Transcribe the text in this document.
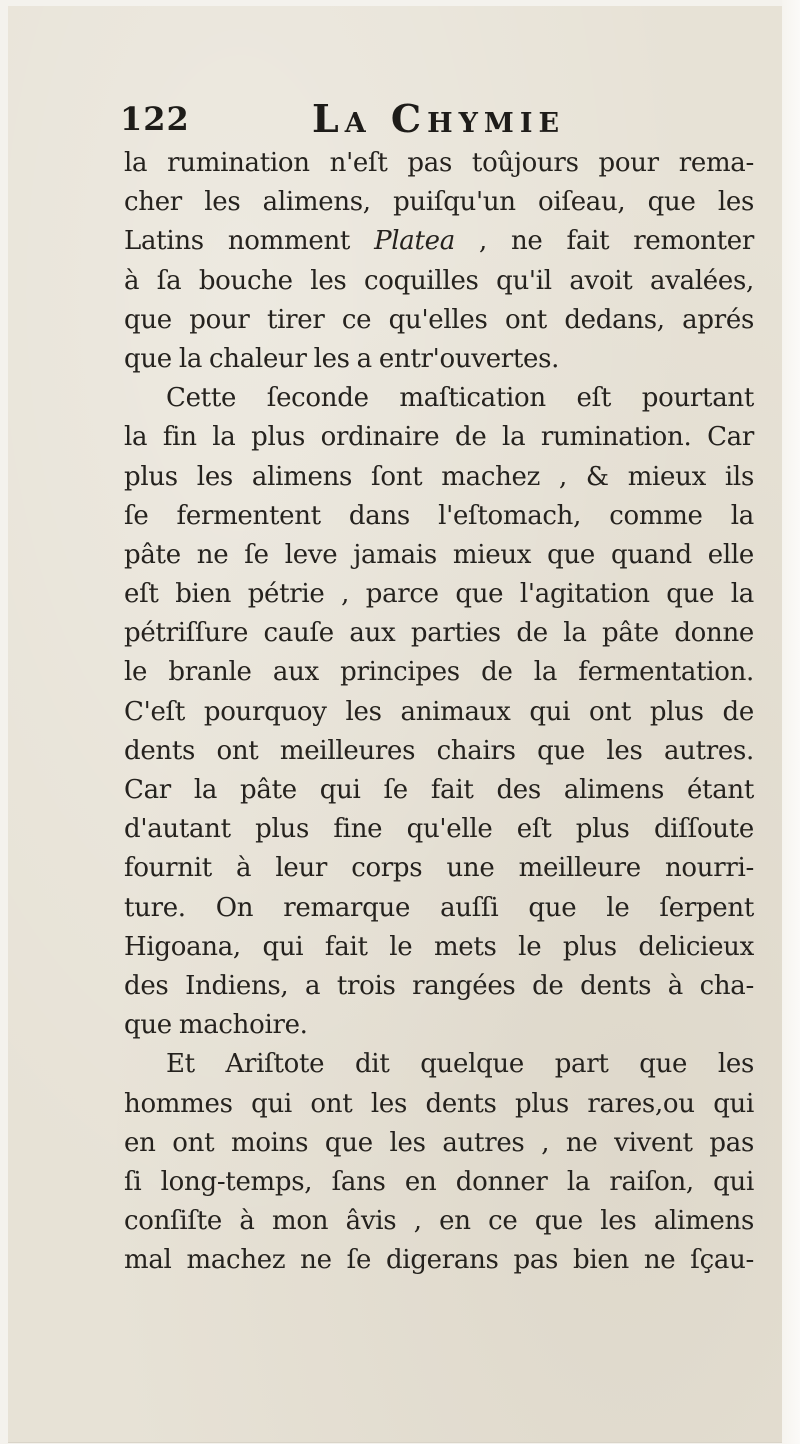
122	La Chymie
la rumination n'eſt pas toûjours pour rema-
cher les alimens, puiſqu'un oiſeau, que les
Latins nomment Platea , ne fait remonter
à ſa bouche les coquilles qu'il avoit avalées,
que pour tirer ce qu'elles ont dedans, aprés
que la chaleur les a entr'ouvertes.
Cette ſeconde maſtication eſt pourtant
la fin la plus ordinaire de la rumination. Car
plus les alimens ſont machez , & mieux ils
ſe fermentent dans l'eſtomach, comme la
pâte ne ſe leve jamais mieux que quand elle
eſt bien pétrie , parce que l'agitation que la
pétriſſure cauſe aux parties de la pâte donne
le branle aux principes de la fermentation.
C'eſt pourquoy les animaux qui ont plus de
dents ont meilleures chairs que les autres.
Car la pâte qui ſe fait des alimens étant
d'autant plus fine qu'elle eſt plus diſſoute
fournit à leur corps une meilleure nourri-
ture. On remarque auſſi que le ſerpent
Higoana, qui fait le mets le plus delicieux
des Indiens, a trois rangées de dents à cha-
que machoire.
Et Ariſtote dit quelque part que les
hommes qui ont les dents plus rares,ou qui
en ont moins que les autres , ne vivent pas
ſi long-temps, ſans en donner la raiſon, qui
conſiſte à mon âvis , en ce que les alimens
mal machez ne ſe digerans pas bien ne ſçau-
